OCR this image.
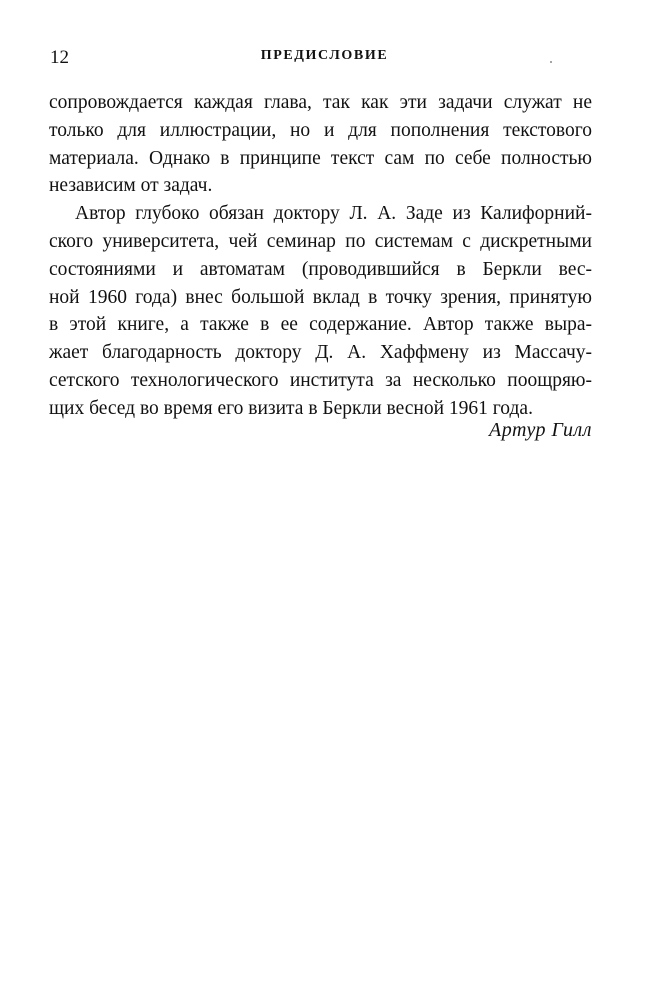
12	ПРЕДИСЛОВИЕ
сопровождается каждая глава, так как эти задачи служат не
только для иллюстрации, но и для пополнения текстового
материала. Однако в принципе текст сам по себе полностью
независим от задач.
Автор глубоко обязан доктору Л. А. Заде из Калифорний-
ского университета, чей семинар по системам с дискретными
состояниями и автоматам (проводившийся в Беркли вес-
ной 1960 года) внес большой вклад в точку зрения, принятую
в этой книге, а также в ее содержание. Автор также выра-
жает благодарность доктору Д. А. Хаффмену из Массачу-
сетского технологического института за несколько поощряю-
щих бесед во время его визита в Беркли весной 1961 года.
Артур Гилл
